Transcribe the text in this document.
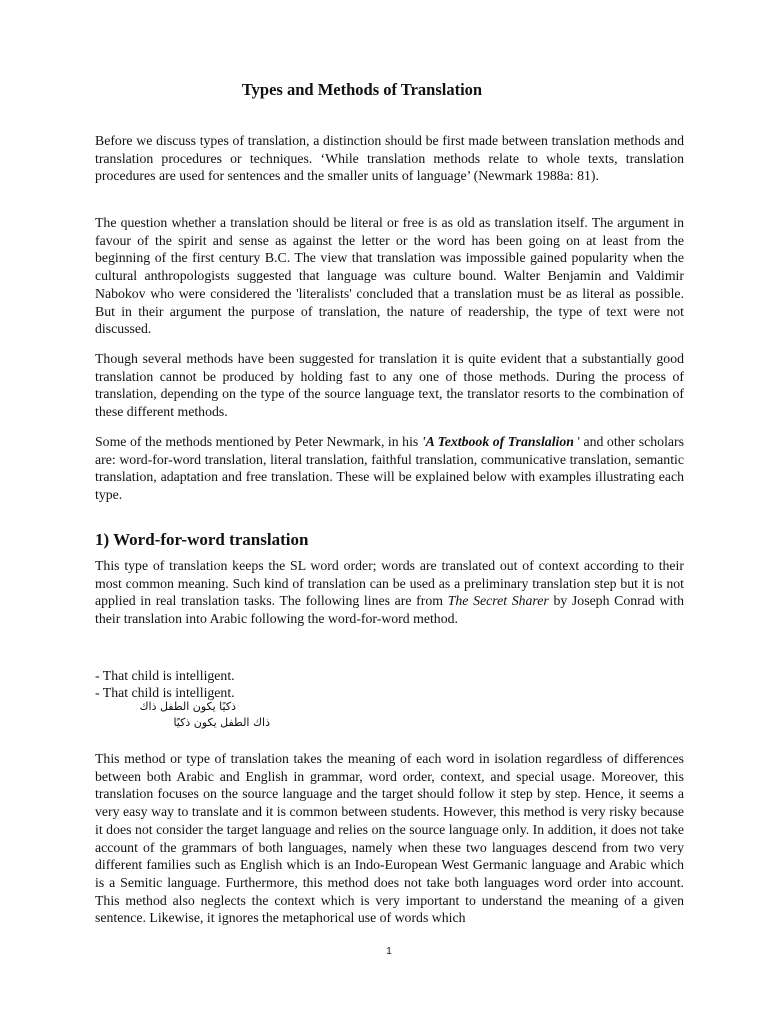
Types and Methods of Translation

Before we discuss types of translation, a distinction should be first made between translation methods and translation procedures or techniques. ‘While translation methods relate to whole texts, translation procedures are used for sentences and the smaller units of language’ (Newmark 1988a: 81).

The question whether a translation should be literal or free is as old as translation itself. The argument in favour of the spirit and sense as against the letter or the word has been going on at least from the beginning of the first century B.C. The view that translation was impossible gained popularity when the cultural anthropologists suggested that language was culture bound. Walter Benjamin and Valdimir Nabokov who were considered the 'literalists' concluded that a translation must be as literal as possible. But in their argument the purpose of translation, the nature of readership, the type of text were not discussed.

Though several methods have been suggested for translation it is quite evident that a substantially good translation cannot be produced by holding fast to any one of those methods. During the process of translation, depending on the type of the source language text, the translator resorts to the combination of these different methods.

Some of the methods mentioned by Peter Newmark, in his 'A Textbook of Translalion ' and other scholars are: word-for-word translation, literal translation, faithful translation, communicative translation, semantic translation, adaptation and free translation. These will be explained below with examples illustrating each type.

1) Word-for-word translation

This type of translation keeps the SL word order; words are translated out of context according to their most common meaning. Such kind of translation can be used as a preliminary translation step but it is not applied in real translation tasks. The following lines are from The Secret Sharer by Joseph Conrad with their translation into Arabic following the word-for-word method.

- That child is intelligent.
- That child is intelligent.
ذكيًا يكون الطفل ذاك
ذاك الطفل يكون ذكيًا

This method or type of translation takes the meaning of each word in isolation regardless of differences between both Arabic and English in grammar, word order, context, and special usage. Moreover, this translation focuses on the source language and the target should follow it step by step. Hence, it seems a very easy way to translate and it is common between students. However, this method is very risky because it does not consider the target language and relies on the source language only. In addition, it does not take account of the grammars of both languages, namely when these two languages descend from two very different families such as English which is an Indo-European West Germanic language and Arabic which is a Semitic language. Furthermore, this method does not take both languages word order into account. This method also neglects the context which is very important to understand the meaning of a given sentence. Likewise, it ignores the metaphorical use of words which

1
